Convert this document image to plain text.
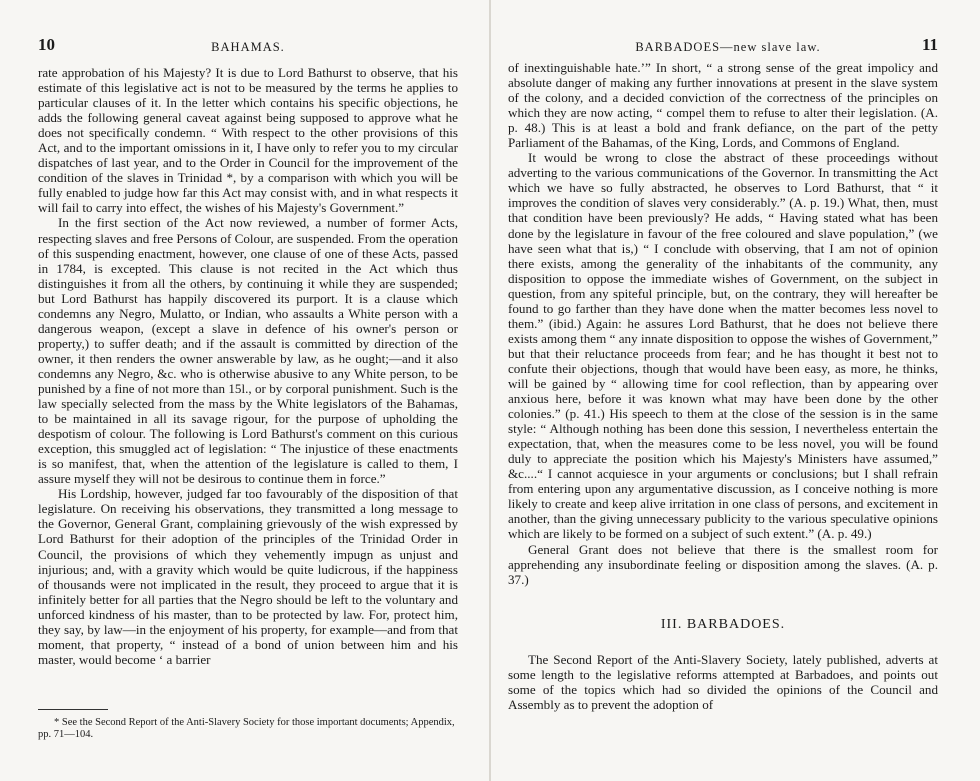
10	BAHAMAS.

rate approbation of his Majesty? It is due to Lord Bathurst to observe, that his estimate of this legislative act is not to be measured by the terms he applies to particular clauses of it. In the letter which contains his specific objections, he adds the following general caveat against being supposed to approve what he does not specifically condemn. “ With respect to the other provisions of this Act, and to the important omissions in it, I have only to refer you to my circular dispatches of last year, and to the Order in Council for the improvement of the condition of the slaves in Trinidad *, by a comparison with which you will be fully enabled to judge how far this Act may consist with, and in what respects it will fail to carry into effect, the wishes of his Majesty's Government.”

In the first section of the Act now reviewed, a number of former Acts, respecting slaves and free Persons of Colour, are suspended. From the operation of this suspending enactment, however, one clause of one of these Acts, passed in 1784, is excepted. This clause is not recited in the Act which thus distinguishes it from all the others, by continuing it while they are suspended; but Lord Bathurst has happily discovered its purport. It is a clause which condemns any Negro, Mulatto, or Indian, who assaults a White person with a dangerous weapon, (except a slave in defence of his owner's person or property,) to suffer death; and if the assault is committed by direction of the owner, it then renders the owner answerable by law, as he ought;—and it also condemns any Negro, &c. who is otherwise abusive to any White person, to be punished by a fine of not more than 15l., or by corporal punishment. Such is the law specially selected from the mass by the White legislators of the Bahamas, to be maintained in all its savage rigour, for the purpose of upholding the despotism of colour. The following is Lord Bathurst's comment on this curious exception, this smuggled act of legislation: “ The injustice of these enactments is so manifest, that, when the attention of the legislature is called to them, I assure myself they will not be desirous to continue them in force.”

His Lordship, however, judged far too favourably of the disposition of that legislature. On receiving his observations, they transmitted a long message to the Governor, General Grant, complaining grievously of the wish expressed by Lord Bathurst for their adoption of the principles of the Trinidad Order in Council, the provisions of which they vehemently impugn as unjust and injurious; and, with a gravity which would be quite ludicrous, if the happiness of thousands were not implicated in the result, they proceed to argue that it is infinitely better for all parties that the Negro should be left to the voluntary and unforced kindness of his master, than to be protected by law. For, protect him, they say, by law—in the enjoyment of his property, for example—and from that moment, that property, “ instead of a bond of union between him and his master, would become ‘ a barrier

* See the Second Report of the Anti-Slavery Society for those important documents; Appendix, pp. 71—104.

BARBADOES—new slave law.	11

of inextinguishable hate.’” In short, “ a strong sense of the great impolicy and absolute danger of making any further innovations at present in the slave system of the colony, and a decided conviction of the correctness of the principles on which they are now acting, “ compel them to refuse to alter their legislation. (A. p. 48.) This is at least a bold and frank defiance, on the part of the petty Parliament of the Bahamas, of the King, Lords, and Commons of England.

It would be wrong to close the abstract of these proceedings without adverting to the various communications of the Governor. In transmitting the Act which we have so fully abstracted, he observes to Lord Bathurst, that “ it improves the condition of slaves very considerably.” (A. p. 19.) What, then, must that condition have been previously? He adds, “ Having stated what has been done by the legislature in favour of the free coloured and slave population,” (we have seen what that is,) “ I conclude with observing, that I am not of opinion there exists, among the generality of the inhabitants of the community, any disposition to oppose the immediate wishes of Government, on the subject in question, from any spiteful principle, but, on the contrary, they will hereafter be found to go farther than they have done when the matter becomes less novel to them.” (ibid.) Again: he assures Lord Bathurst, that he does not believe there exists among them “ any innate disposition to oppose the wishes of Government,” but that their reluctance proceeds from fear; and he has thought it best not to confute their objections, though that would have been easy, as more, he thinks, will be gained by “ allowing time for cool reflection, than by appearing over anxious here, before it was known what may have been done by the other colonies.” (p. 41.) His speech to them at the close of the session is in the same style: “ Although nothing has been done this session, I nevertheless entertain the expectation, that, when the measures come to be less novel, you will be found duly to appreciate the position which his Majesty's Ministers have assumed,” &c....“ I cannot acquiesce in your arguments or conclusions; but I shall refrain from entering upon any argumentative discussion, as I conceive nothing is more likely to create and keep alive irritation in one class of persons, and excitement in another, than the giving unnecessary publicity to the various speculative opinions which are likely to be formed on a subject of such extent.” (A. p. 49.)

General Grant does not believe that there is the smallest room for apprehending any insubordinate feeling or disposition among the slaves. (A. p. 37.)

III. BARBADOES.

The Second Report of the Anti-Slavery Society, lately published, adverts at some length to the legislative reforms attempted at Barbadoes, and points out some of the topics which had so divided the opinions of the Council and Assembly as to prevent the adoption of
